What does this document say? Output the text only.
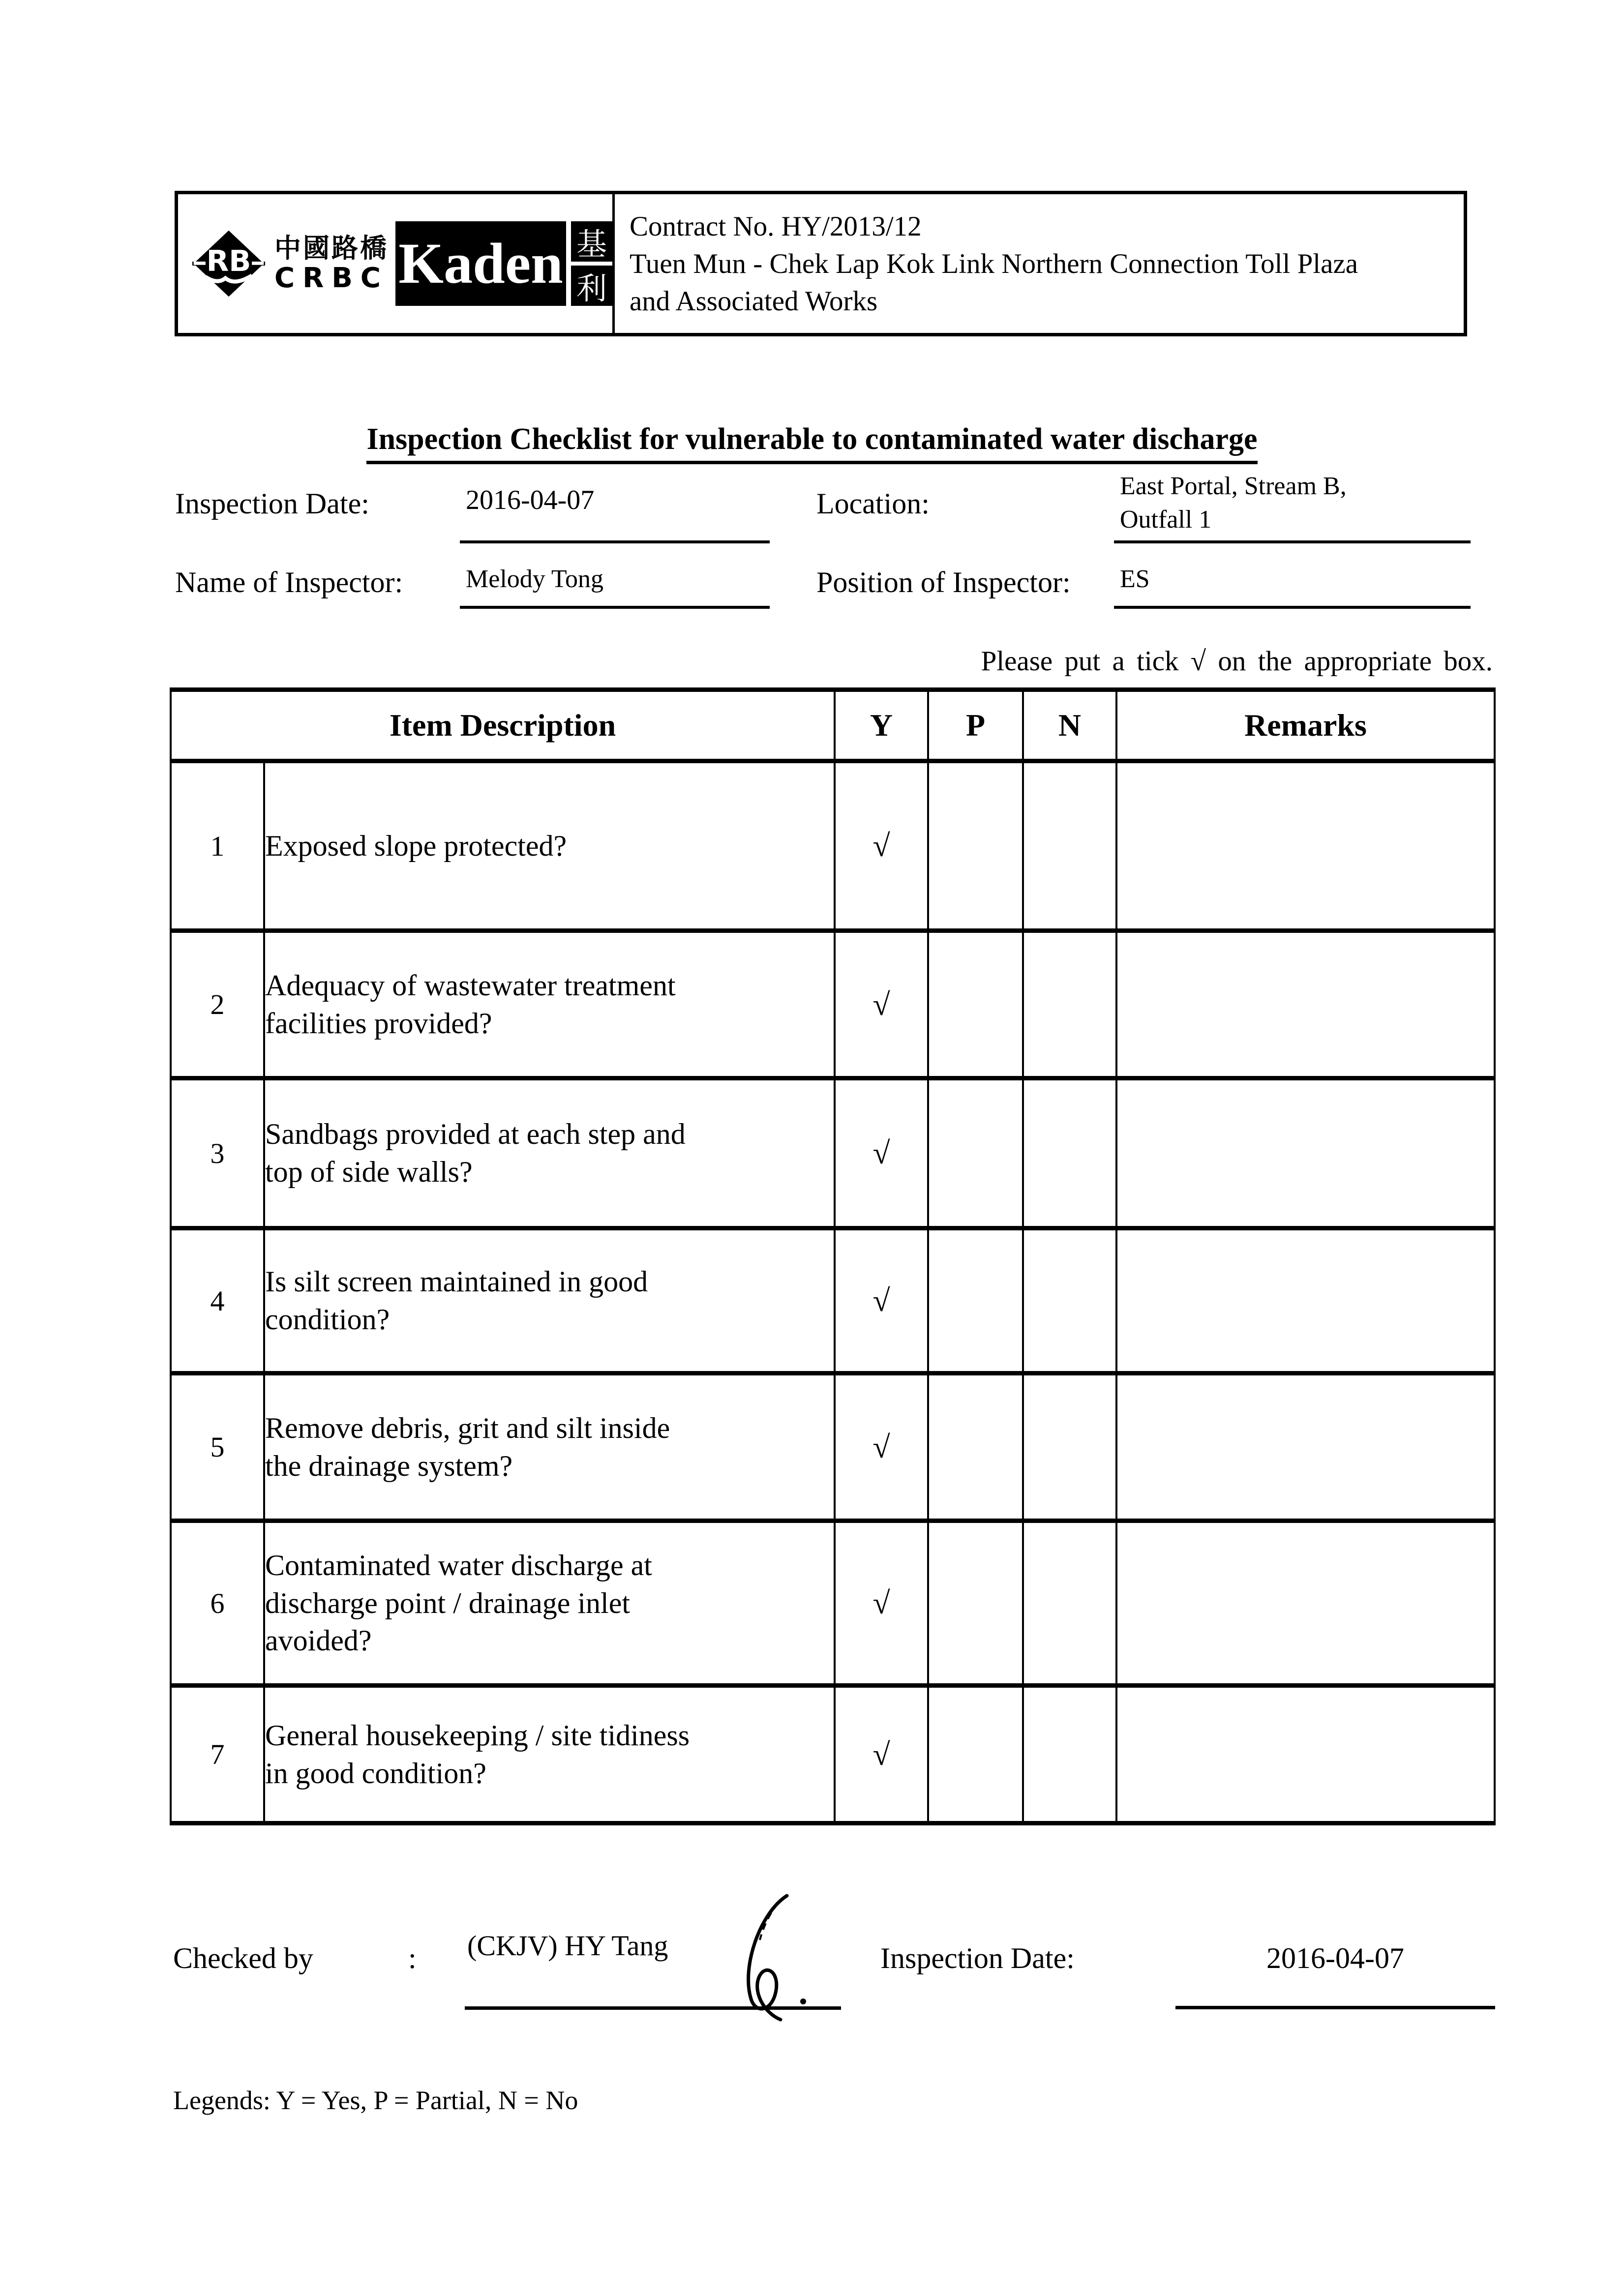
RB 中國路橋
CRBC Kaden 基
利
Contract No. HY/2013/12
Tuen Mun - Chek Lap Kok Link Northern Connection Toll Plaza
and Associated Works
Inspection Checklist for vulnerable to contaminated water discharge
Inspection Date:	2016-04-07	Location:
East Portal, Stream B,
Outfall 1
Name of Inspector: Melody Tong	Position of Inspector: ES
Please put a tick √ on the appropriate box.
Item Description		Y	P	N	Remarks
1	Exposed slope protected?	√			
2	Adequacy of wastewater treatment
facilities provided?	√			
3	Sandbags provided at each step and
top of side walls?	√			
4	Is silt screen maintained in good
condition?	√			
5	Remove debris, grit and silt inside
the drainage system?	√			
6	Contaminated water discharge at
discharge point / drainage inlet
avoided?	√			
7	General housekeeping / site tidiness
in good condition?	√			
Checked by	: (CKJV) HY Tang	Inspection Date:	2016-04-07
Legends: Y = Yes, P = Partial, N = No
